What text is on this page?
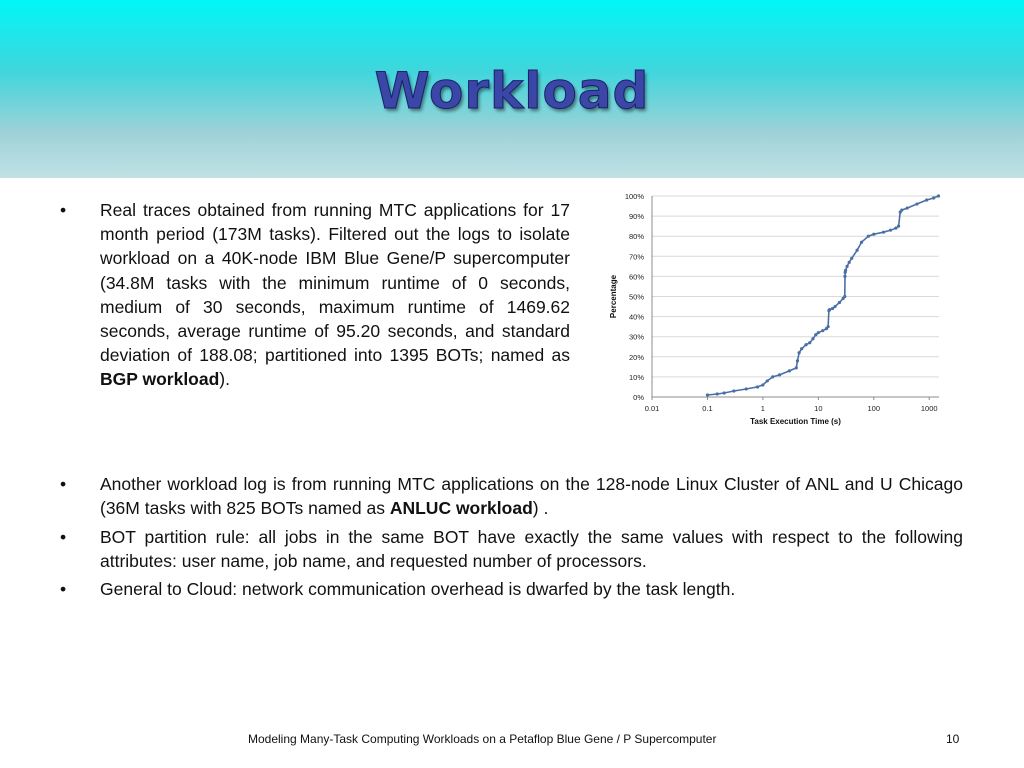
Workload
• Real traces obtained from running MTC applications for 17 month period (173M tasks). Filtered out the logs to isolate workload on a 40K-node IBM Blue Gene/P supercomputer (34.8M tasks with the minimum runtime of 0 seconds, medium of 30 seconds, maximum runtime of 1469.62 seconds, average runtime of 95.20 seconds, and standard deviation of 188.08; partitioned into 1395 BOTs; named as BGP workload).
0%
10%
20%
30%
40%
50%
60%
70%
80%
90%
100%
0.01	0.1	1	10	100	1000
Task Execution Time (s)
Percentage
• Another workload log is from running MTC applications on the 128-node Linux Cluster of ANL and U Chicago (36M tasks with 825 BOTs named as ANLUC workload) .
• BOT partition rule: all jobs in the same BOT have exactly the same values with respect to the following attributes: user name, job name, and requested number of processors.
• General to Cloud: network communication overhead is dwarfed by the task length.
Modeling Many-Task Computing Workloads on a Petaflop Blue Gene / P Supercomputer	10
